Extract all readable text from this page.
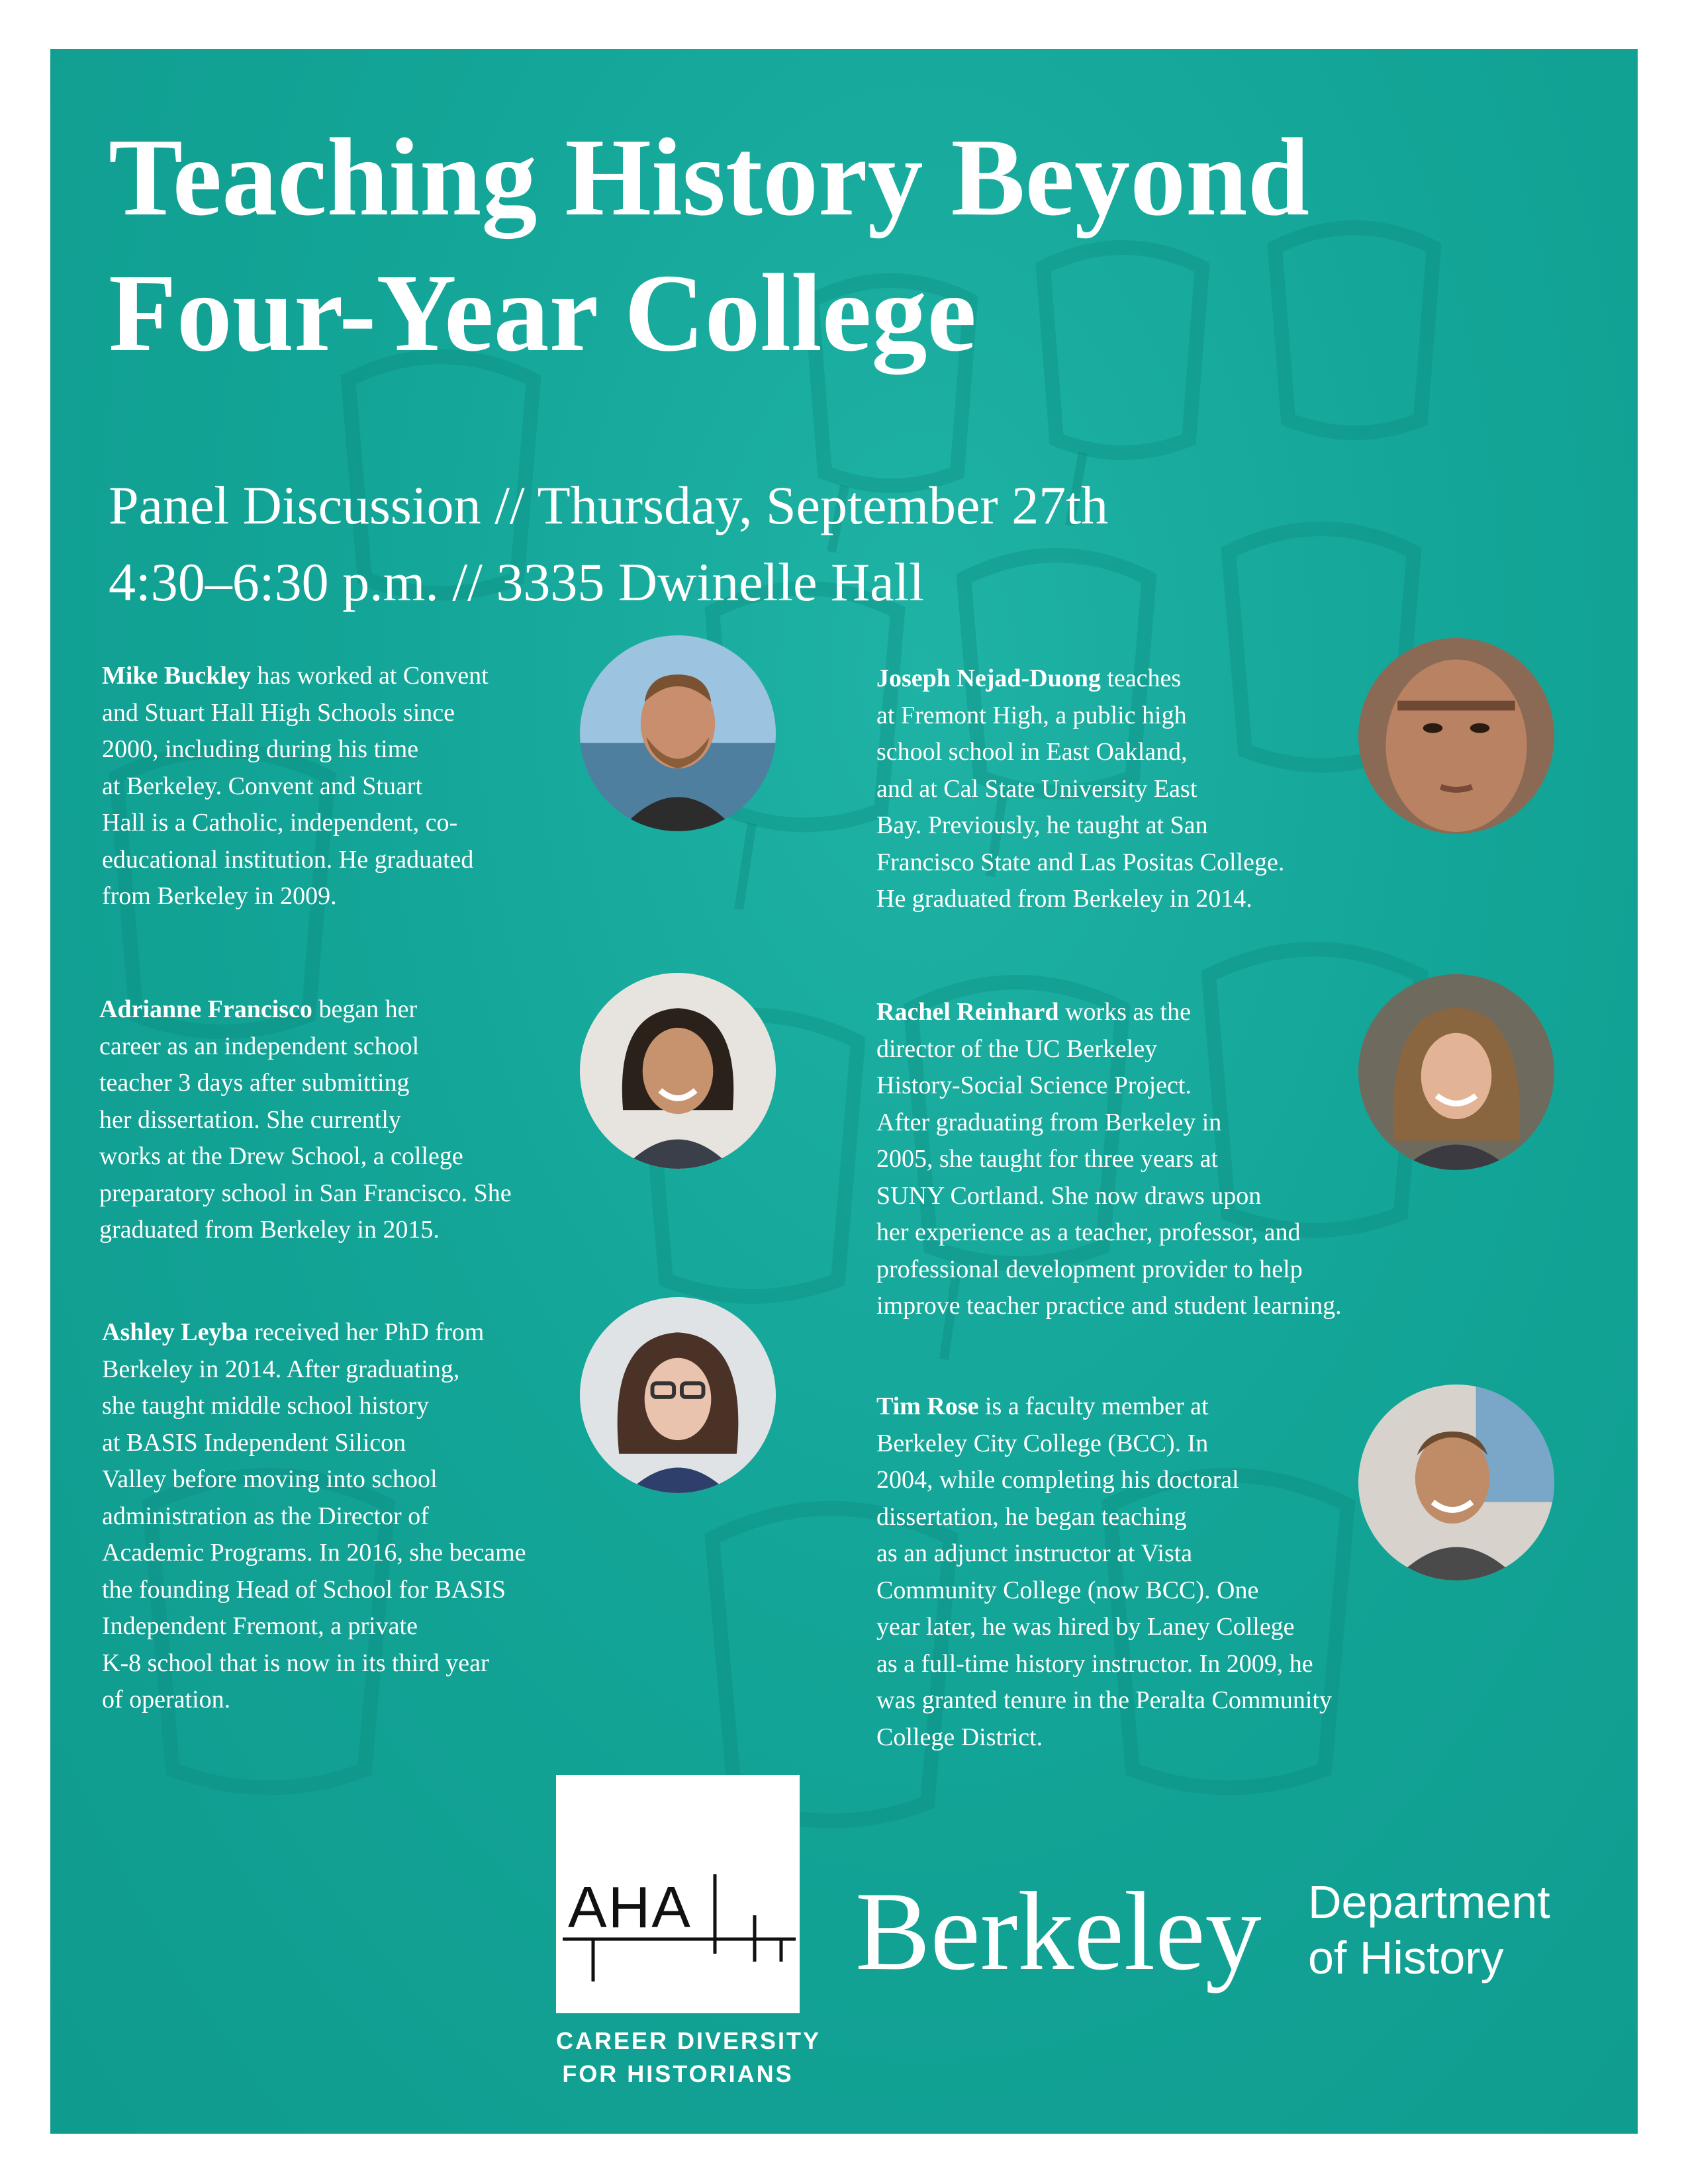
Teaching History Beyond
Four-Year College
Panel Discussion // Thursday, September 27th
4:30–6:30 p.m. // 3335 Dwinelle Hall
Mike Buckley has worked at Convent
and Stuart Hall High Schools since
2000, including during his time
at Berkeley. Convent and Stuart
Hall is a Catholic, independent, co-
educational institution. He graduated
from Berkeley in 2009.
Adrianne Francisco began her
career as an independent school
teacher 3 days after submitting
her dissertation. She currently
works at the Drew School, a college
preparatory school in San Francisco. She
graduated from Berkeley in 2015.
Ashley Leyba received her PhD from
Berkeley in 2014. After graduating,
she taught middle school history
at BASIS Independent Silicon
Valley before moving into school
administration as the Director of
Academic Programs. In 2016, she became
the founding Head of School for BASIS
Independent Fremont, a private
K-8 school that is now in its third year
of operation.
Joseph Nejad-Duong teaches
at Fremont High, a public high
school school in East Oakland,
and at Cal State University East
Bay. Previously, he taught at San
Francisco State and Las Positas College.
He graduated from Berkeley in 2014.
Rachel Reinhard works as the
director of the UC Berkeley
History-Social Science Project.
After graduating from Berkeley in
2005, she taught for three years at
SUNY Cortland. She now draws upon
her experience as a teacher, professor, and
professional development provider to help
improve teacher practice and student learning.
Tim Rose is a faculty member at
Berkeley City College (BCC). In
2004, while completing his doctoral
dissertation, he began teaching
as an adjunct instructor at Vista
Community College (now BCC). One
year later, he was hired by Laney College
as a full-time history instructor. In 2009, he
was granted tenure in the Peralta Community
College District.
AHA
CAREER DIVERSITY
FOR HISTORIANS
Berkeley Department
of History
